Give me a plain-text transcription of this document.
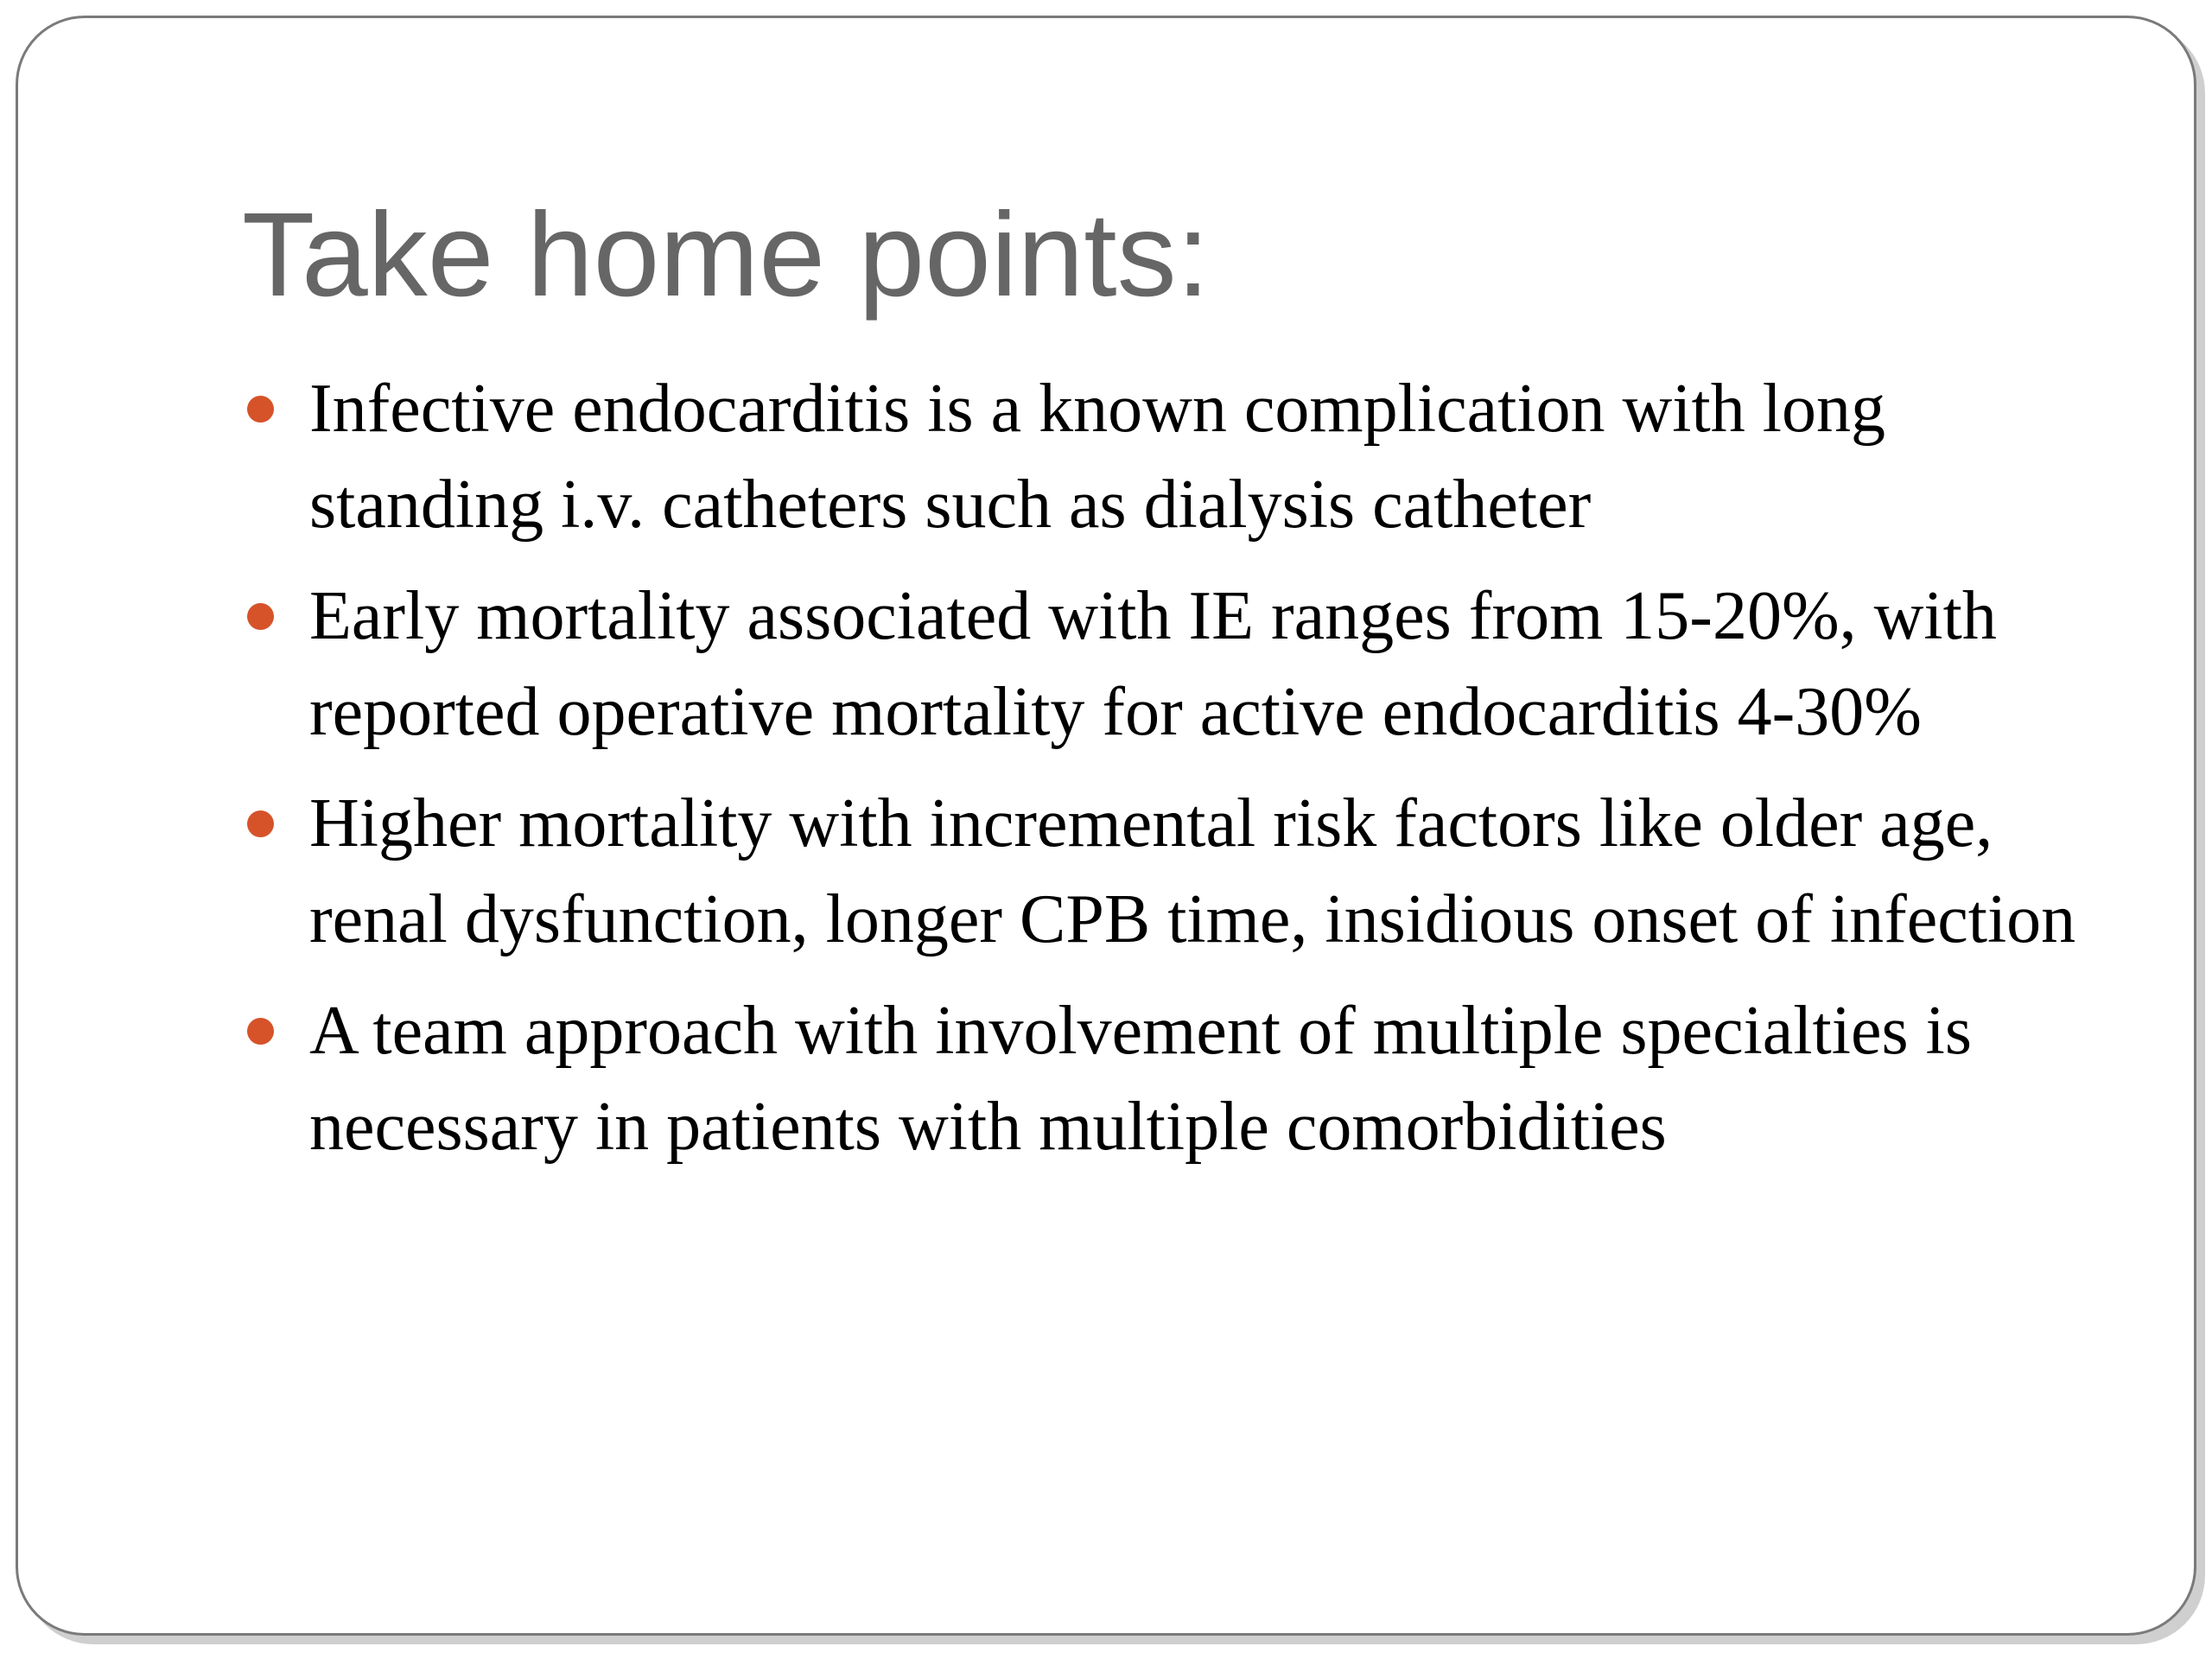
Take home points:
Infective endocarditis is a known complication with long standing i.v. catheters such as dialysis catheter
Early mortality associated with IE ranges from 15-20%, with reported operative mortality for active endocarditis 4-30%
Higher mortality with incremental risk factors like older age, renal dysfunction, longer CPB time, insidious onset of infection
A team approach with involvement of multiple specialties is necessary in patients with multiple comorbidities
